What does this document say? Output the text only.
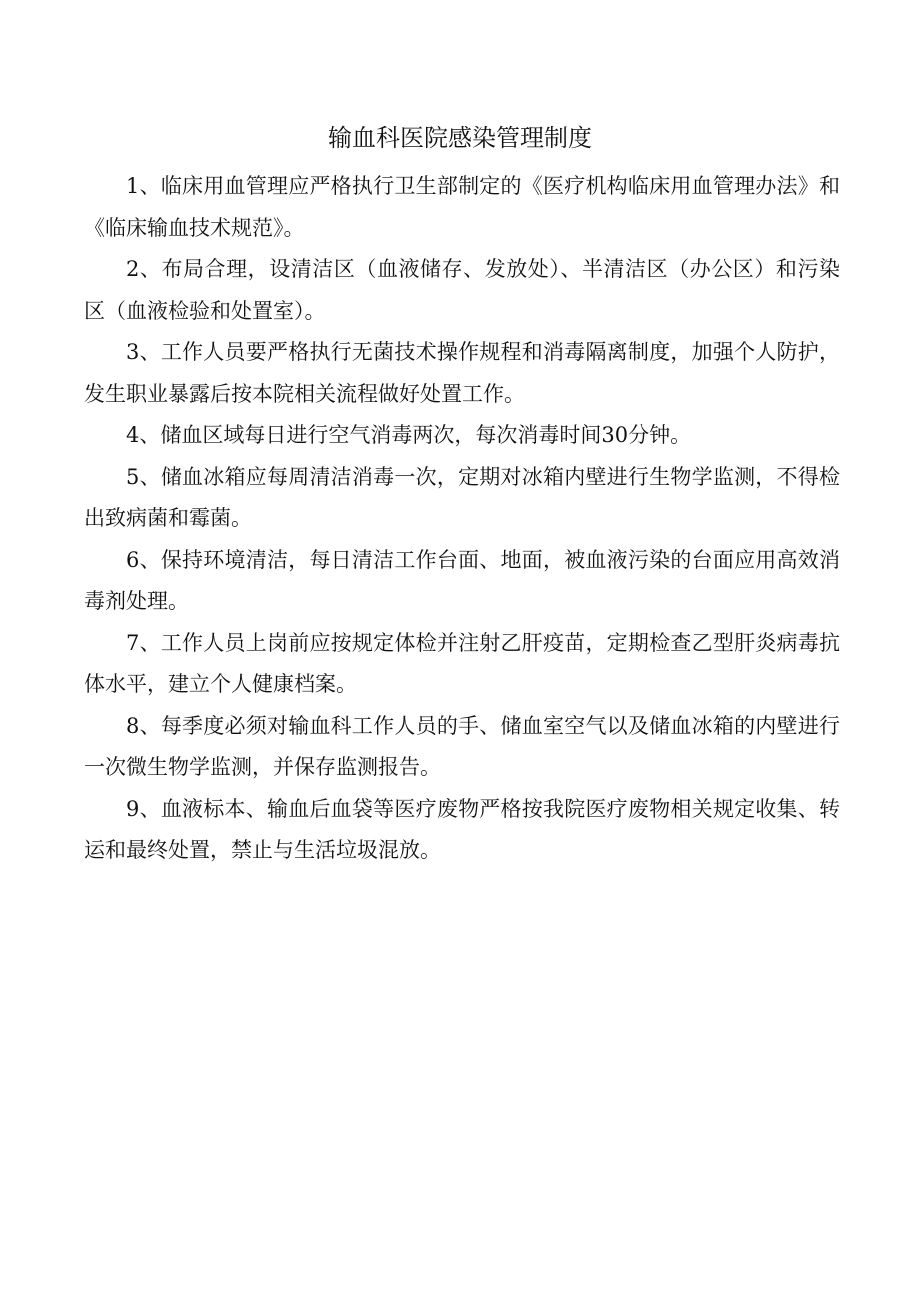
输血科医院感染管理制度

1、临床用血管理应严格执行卫生部制定的《医疗机构临床用血管理办法》和《临床输血技术规范》。

2、布局合理，设清洁区（血液储存、发放处）、半清洁区（办公区）和污染区（血液检验和处置室）。

3、工作人员要严格执行无菌技术操作规程和消毒隔离制度，加强个人防护，发生职业暴露后按本院相关流程做好处置工作。

4、储血区域每日进行空气消毒两次，每次消毒时间30分钟。

5、储血冰箱应每周清洁消毒一次，定期对冰箱内壁进行生物学监测，不得检出致病菌和霉菌。

6、保持环境清洁，每日清洁工作台面、地面，被血液污染的台面应用高效消毒剂处理。

7、工作人员上岗前应按规定体检并注射乙肝疫苗，定期检查乙型肝炎病毒抗体水平，建立个人健康档案。

8、每季度必须对输血科工作人员的手、储血室空气以及储血冰箱的内壁进行一次微生物学监测，并保存监测报告。

9、血液标本、输血后血袋等医疗废物严格按我院医疗废物相关规定收集、转运和最终处置，禁止与生活垃圾混放。
